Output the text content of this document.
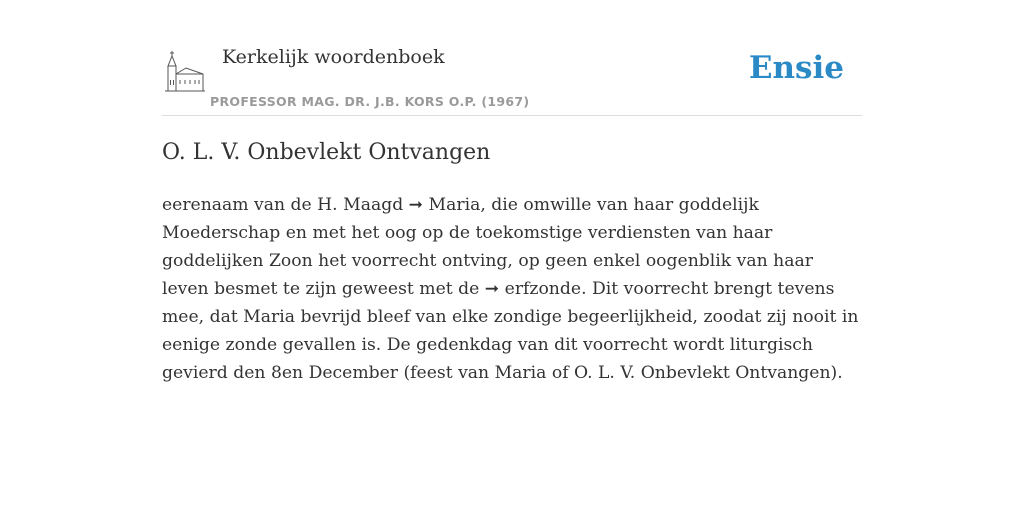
Kerkelijk woordenboek
PROFESSOR MAG. DR. J.B. KORS O.P. (1967)
Ensie
O. L. V. Onbevlekt Ontvangen

eerenaam van de H. Maagd ➞ Maria, die omwille van haar goddelijk Moederschap en met het oog op de toekomstige verdiensten van haar goddelijken Zoon het voorrecht ontving, op geen enkel oogenblik van haar leven besmet te zijn geweest met de ➞ erfzonde. Dit voorrecht brengt tevens mee, dat Maria bevrijd bleef van elke zondige begeerlijkheid, zoodat zij nooit in eenige zonde gevallen is. De gedenkdag van dit voorrecht wordt liturgisch gevierd den 8en December (feest van Maria of O. L. V. Onbevlekt Ontvangen).
